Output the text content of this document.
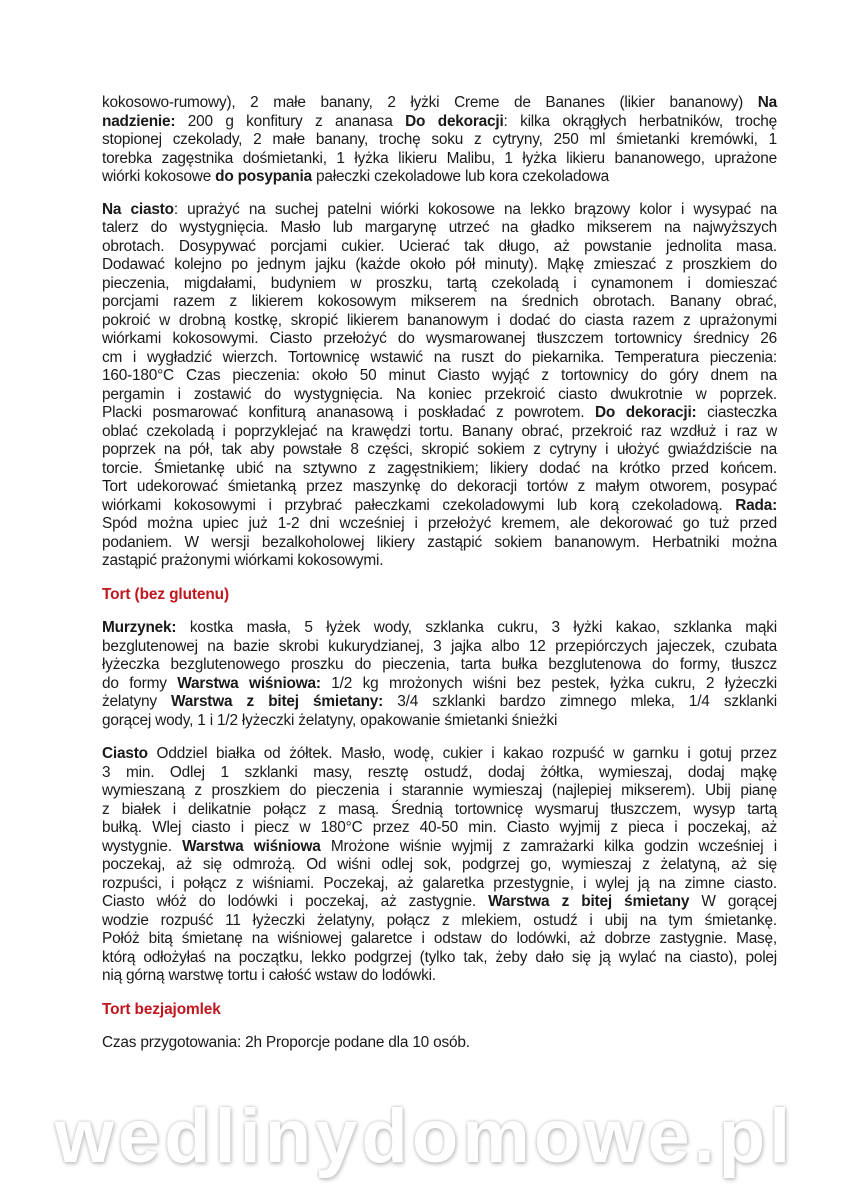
kokosowo-rumowy), 2 małe banany, 2 łyżki Creme de Bananes (likier bananowy) Na
nadzienie: 200 g konfitury z ananasa Do dekoracji: kilka okrągłych herbatników, trochę
stopionej czekolady, 2 małe banany, trochę soku z cytryny, 250 ml śmietanki kremówki, 1
torebka zagęstnika dośmietanki, 1 łyżka likieru Malibu, 1 łyżka likieru bananowego, uprażone
wiórki kokosowe do posypania pałeczki czekoladowe lub kora czekoladowa
Na ciasto: uprażyć na suchej patelni wiórki kokosowe na lekko brązowy kolor i wysypać na
talerz do wystygnięcia. Masło lub margarynę utrzeć na gładko mikserem na najwyższych
obrotach. Dosypywać porcjami cukier. Ucierać tak długo, aż powstanie jednolita masa.
Dodawać kolejno po jednym jajku (każde około pół minuty). Mąkę zmieszać z proszkiem do
pieczenia, migdałami, budyniem w proszku, tartą czekoladą i cynamonem i domieszać
porcjami razem z likierem kokosowym mikserem na średnich obrotach. Banany obrać,
pokroić w drobną kostkę, skropić likierem bananowym i dodać do ciasta razem z uprażonymi
wiórkami kokosowymi. Ciasto przełożyć do wysmarowanej tłuszczem tortownicy średnicy 26
cm i wygładzić wierzch. Tortownicę wstawić na ruszt do piekarnika. Temperatura pieczenia:
160-180°C Czas pieczenia: około 50 minut Ciasto wyjąć z tortownicy do góry dnem na
pergamin i zostawić do wystygnięcia. Na koniec przekroić ciasto dwukrotnie w poprzek.
Placki posmarować konfiturą ananasową i poskładać z powrotem. Do dekoracji: ciasteczka
oblać czekoladą i poprzyklejać na krawędzi tortu. Banany obrać, przekroić raz wzdłuż i raz w
poprzek na pół, tak aby powstałe 8 części, skropić sokiem z cytryny i ułożyć gwiaździście na
torcie. Śmietankę ubić na sztywno z zagęstnikiem; likiery dodać na krótko przed końcem.
Tort udekorować śmietanką przez maszynkę do dekoracji tortów z małym otworem, posypać
wiórkami kokosowymi i przybrać pałeczkami czekoladowymi lub korą czekoladową. Rada:
Spód można upiec już 1-2 dni wcześniej i przełożyć kremem, ale dekorować go tuż przed
podaniem. W wersji bezalkoholowej likiery zastąpić sokiem bananowym. Herbatniki można
zastąpić prażonymi wiórkami kokosowymi.
Tort (bez glutenu)
Murzynek: kostka masła, 5 łyżek wody, szklanka cukru, 3 łyżki kakao, szklanka mąki
bezglutenowej na bazie skrobi kukurydzianej, 3 jajka albo 12 przepiórczych jajeczek, czubata
łyżeczka bezglutenowego proszku do pieczenia, tarta bułka bezglutenowa do formy, tłuszcz
do formy Warstwa wiśniowa: 1/2 kg mrożonych wiśni bez pestek, łyżka cukru, 2 łyżeczki
żelatyny Warstwa z bitej śmietany: 3/4 szklanki bardzo zimnego mleka, 1/4 szklanki
gorącej wody, 1 i 1/2 łyżeczki żelatyny, opakowanie śmietanki śnieżki
Ciasto Oddziel białka od żółtek. Masło, wodę, cukier i kakao rozpuść w garnku i gotuj przez
3 min. Odlej 1 szklanki masy, resztę ostudź, dodaj żółtka, wymieszaj, dodaj mąkę
wymieszaną z proszkiem do pieczenia i starannie wymieszaj (najlepiej mikserem). Ubij pianę
z białek i delikatnie połącz z masą. Średnią tortownicę wysmaruj tłuszczem, wysyp tartą
bułką. Wlej ciasto i piecz w 180°C przez 40-50 min. Ciasto wyjmij z pieca i poczekaj, aż
wystygnie. Warstwa wiśniowa Mrożone wiśnie wyjmij z zamrażarki kilka godzin wcześniej i
poczekaj, aż się odmrożą. Od wiśni odlej sok, podgrzej go, wymieszaj z żelatyną, aż się
rozpuści, i połącz z wiśniami. Poczekaj, aż galaretka przestygnie, i wylej ją na zimne ciasto.
Ciasto włóż do lodówki i poczekaj, aż zastygnie. Warstwa z bitej śmietany W gorącej
wodzie rozpuść 11 łyżeczki żelatyny, połącz z mlekiem, ostudź i ubij na tym śmietankę.
Połóż bitą śmietanę na wiśniowej galaretce i odstaw do lodówki, aż dobrze zastygnie. Masę,
którą odłożyłaś na początku, lekko podgrzej (tylko tak, żeby dało się ją wylać na ciasto), polej
nią górną warstwę tortu i całość wstaw do lodówki.
Tort bezjajomlek
Czas przygotowania: 2h Proporcje podane dla 10 osób.
wedlinydomowe.pl
